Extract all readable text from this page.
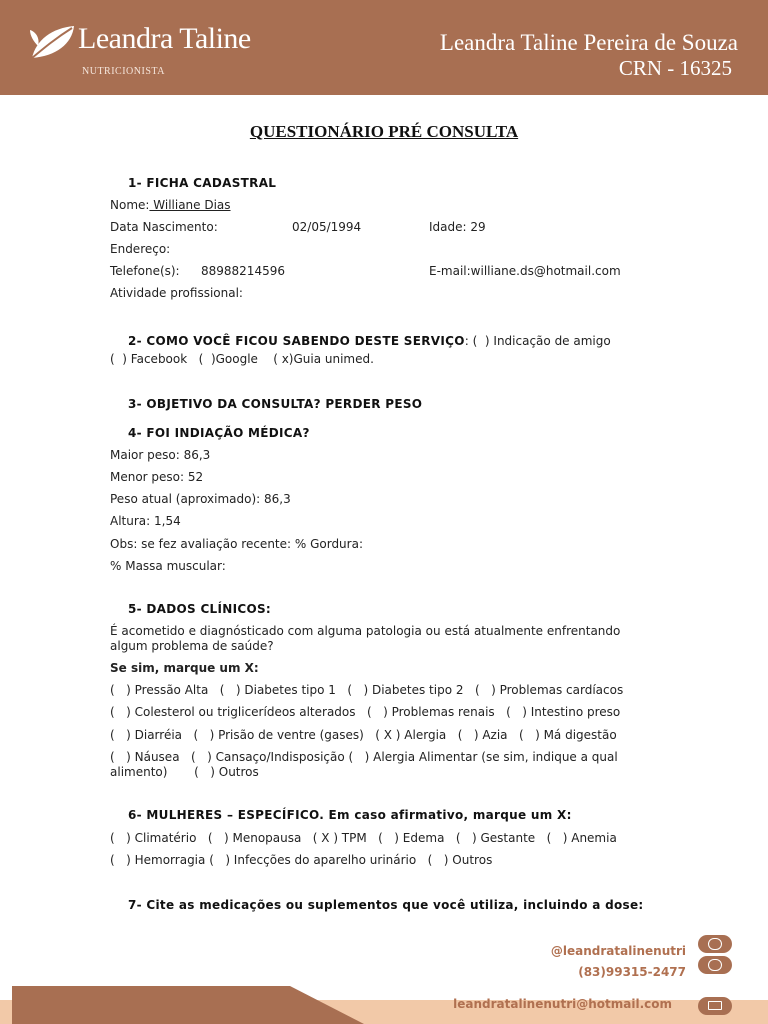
Leandra Taline
NUTRICIONISTA
Leandra Taline Pereira de Souza
CRN - 16325
QUESTIONÁRIO PRÉ CONSULTA
1- FICHA CADASTRAL
Nome: Williane Dias
Data Nascimento:	02/05/1994	Idade: 29
Endereço:
Telefone(s): 88988214596	E-mail:williane.ds@hotmail.com
Atividade profissional:
2- COMO VOCÊ FICOU SABENDO DESTE SERVIÇO: (  ) Indicação de amigo
(  ) Facebook   (  )Google    ( x)Guia unimed.
3- OBJETIVO DA CONSULTA? PERDER PESO
4- FOI INDIAÇÃO MÉDICA?
Maior peso: 86,3
Menor peso: 52
Peso atual (aproximado): 86,3
Altura: 1,54
Obs: se fez avaliação recente: % Gordura:
% Massa muscular:
5- DADOS CLÍNICOS:
É acometido e diagnósticado com alguma patologia ou está atualmente enfrentando
algum problema de saúde?
Se sim, marque um X:
(   ) Pressão Alta   (   ) Diabetes tipo 1   (   ) Diabetes tipo 2   (   ) Problemas cardíacos
(   ) Colesterol ou triglicerídeos alterados   (   ) Problemas renais   (   ) Intestino preso
(   ) Diarréia   (   ) Prisão de ventre (gases)   ( X ) Alergia   (   ) Azia   (   ) Má digestão
(   ) Náusea   (   ) Cansaço/Indisposição (   ) Alergia Alimentar (se sim, indique a qual
alimento)       (   ) Outros
6- MULHERES – ESPECÍFICO. Em caso afirmativo, marque um X:
(   ) Climatério   (   ) Menopausa   ( X ) TPM   (   ) Edema   (   ) Gestante   (   ) Anemia
(   ) Hemorragia (   ) Infecções do aparelho urinário   (   ) Outros
7- Cite as medicações ou suplementos que você utiliza, incluindo a dose:
@leandratalinenutri
(83)99315-2477
leandratalinenutri@hotmail.com
